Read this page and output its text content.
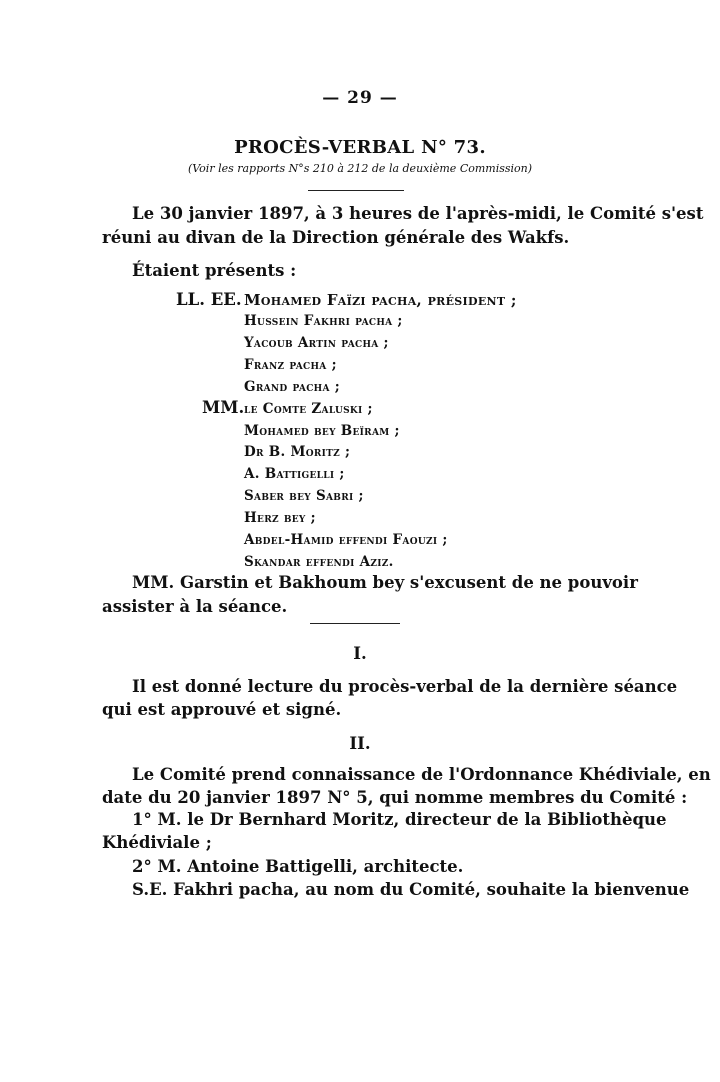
— 29 —
PROCÈS-VERBAL N° 73.
(Voir les rapports N°s 210 à 212 de la deuxième Commission)
Le 30 janvier 1897, à 3 heures de l'après-midi, le Comité s'est
réuni au divan de la Direction générale des Wakfs.
Étaient présents :
LL. EE. Mohamed Faïzi pacha, président ;
Hussein Fakhri pacha ;
Yacoub Artin pacha ;
Franz pacha ;
Grand pacha ;
MM. le Comte Zaluski ;
Mohamed bey Beïram ;
Dr B. Moritz ;
A. Battigelli ;
Saber bey Sabri ;
Herz bey ;
Abdel-Hamid effendi Faouzi ;
Skandar effendi Aziz.
MM. Garstin et Bakhoum bey s'excusent de ne pouvoir
assister à la séance.
I.
Il est donné lecture du procès-verbal de la dernière séance
qui est approuvé et signé.
II.
Le Comité prend connaissance de l'Ordonnance Khédiviale, en
date du 20 janvier 1897 N° 5, qui nomme membres du Comité :
1° M. le Dr Bernhard Moritz, directeur de la Bibliothèque
Khédiviale ;
2° M. Antoine Battigelli, architecte.
S.E. Fakhri pacha, au nom du Comité, souhaite la bienvenue
